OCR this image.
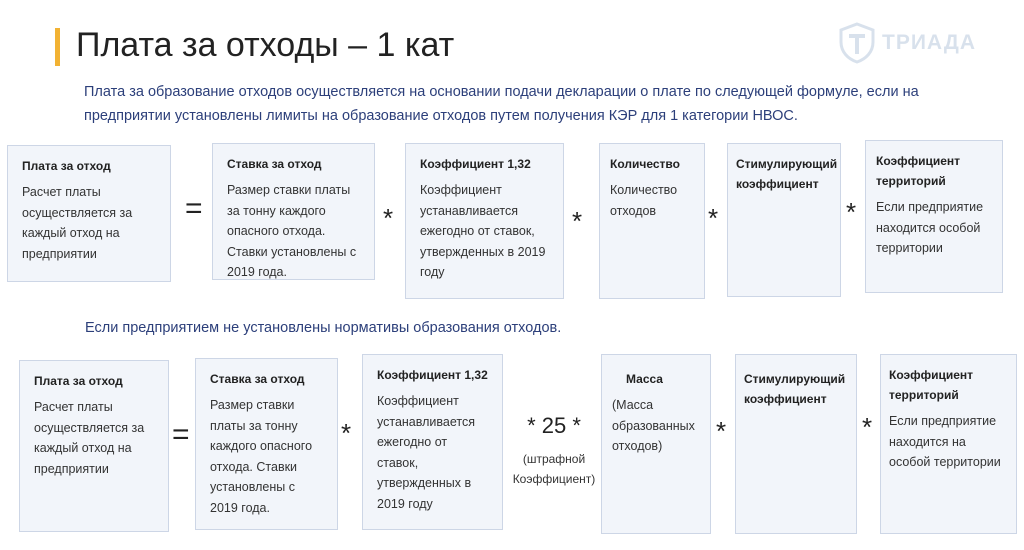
Плата за отходы – 1 кат	ТРИАДА
Плата за образование отходов осуществляется на основании подачи декларации о плате по следующей формуле, если на предприятии установлены лимиты на образование отходов путем получения КЭР для 1 категории НВОС.
Плата за отход
Расчет платы осуществляется за каждый отход на предприятии
=
Ставка за отход
Размер ставки платы за тонну каждого опасного отхода. Ставки установлены с 2019 года.
*
Коэффициент 1,32
Коэффициент устанавливается ежегодно от ставок, утвержденных в 2019 году
*
Количество
Количество отходов	*
Стимулирующий коэффициент
*
Коэффициент территорий
Если предприятие находится особой территории
Если предприятием не установлены нормативы образования отходов.
Плата за отход
Расчет платы осуществляется за каждый отход на предприятии
=
Ставка за отход
Размер ставки платы за тонну каждого опасного отхода. Ставки установлены с 2019 года.
*
Коэффициент 1,32
Коэффициент устанавливается ежегодно от ставок, утвержденных в 2019 году
* 25 *
(штрафной Коэффициент)
Масса
(Масса образованных отходов)	*
Стимулирующий коэффициент
*
Коэффициент территорий
Если предприятие находится на особой территории
